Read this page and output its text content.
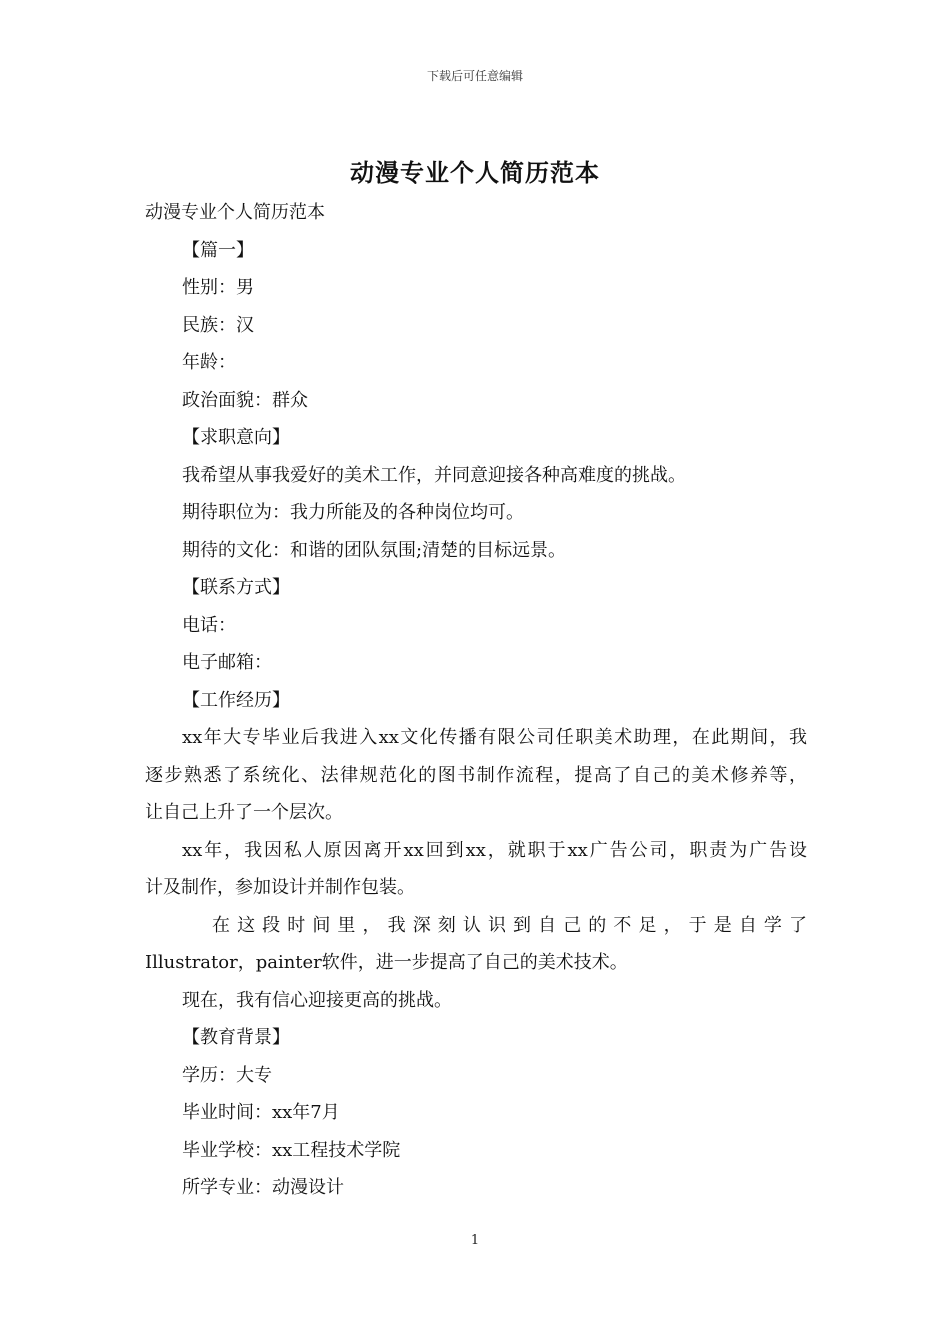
下载后可任意编辑
动漫专业个人简历范本
动漫专业个人简历范本
【篇一】
性别：男
民族：汉
年龄：
政治面貌：群众
【求职意向】
我希望从事我爱好的美术工作，并同意迎接各种高难度的挑战。
期待职位为：我力所能及的各种岗位均可。
期待的文化：和谐的团队氛围;清楚的目标远景。
【联系方式】
电话：
电子邮箱：
【工作经历】
xx年大专毕业后我进入xx文化传播有限公司任职美术助理，在此期间，我
逐步熟悉了系统化、法律规范化的图书制作流程，提高了自己的美术修养等，
让自己上升了一个层次。
xx年，我因私人原因离开xx回到xx，就职于xx广告公司，职责为广告设
计及制作，参加设计并制作包装。
在这段时间里，我深刻认识到自己的不足，于是自学了
Illustrator，painter软件，进一步提高了自己的美术技术。
现在，我有信心迎接更高的挑战。
【教育背景】
学历：大专
毕业时间：xx年7月
毕业学校：xx工程技术学院
所学专业：动漫设计
1
